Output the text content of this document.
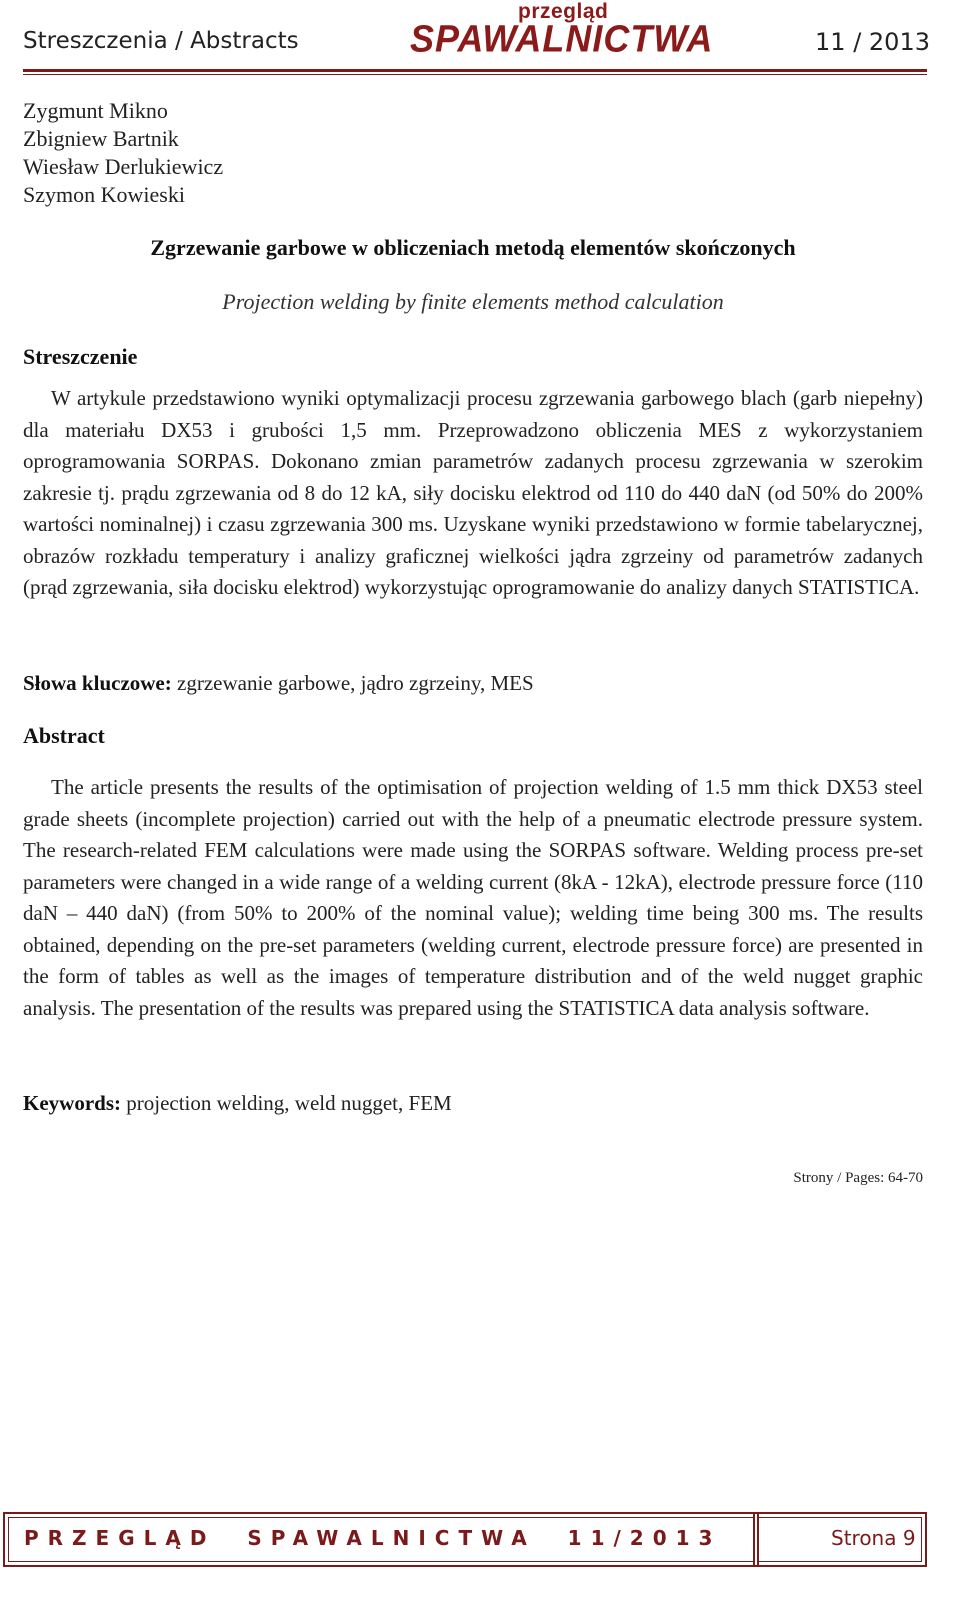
Streszczenia / Abstracts
przegląd
SPAWALNICTWA	11 / 2013
Zygmunt Mikno
Zbigniew Bartnik
Wiesław Derlukiewicz
Szymon Kowieski
Zgrzewanie garbowe w obliczeniach metodą elementów skończonych
Projection welding by finite elements method calculation
Streszczenie
W artykule przedstawiono wyniki optymalizacji procesu zgrzewania garbowego blach (garb niepełny) dla materiału DX53 i grubości 1,5 mm. Przeprowadzono obliczenia MES z wykorzystaniem oprogramowania SORPAS. Dokonano zmian parametrów zadanych procesu zgrzewania w szerokim zakresie tj. prądu zgrzewania od 8 do 12 kA, siły docisku elektrod od 110 do 440 daN (od 50% do 200% wartości nominalnej) i czasu zgrzewania 300 ms. Uzyskane wyniki przedstawiono w formie tabelarycznej, obrazów rozkładu temperatury i analizy graficznej wielkości jądra zgrzeiny od parametrów zadanych (prąd zgrzewania, siła docisku elektrod) wykorzystując oprogramowanie do analizy danych STATISTICA.
Słowa kluczowe: zgrzewanie garbowe, jądro zgrzeiny, MES
Abstract
The article presents the results of the optimisation of projection welding of 1.5 mm thick DX53 steel grade sheets (incomplete projection) carried out with the help of a pneumatic electrode pressure system. The research-related FEM calculations were made using the SORPAS software. Welding process pre-set parameters were changed in a wide range of a welding current (8kA - 12kA), electrode pressure force (110 daN – 440 daN) (from 50% to 200% of the nominal value); welding time being 300 ms. The results obtained, depending on the pre-set parameters (welding current, electrode pressure force) are presented in the form of tables as well as the images of temperature distribution and of the weld nugget graphic analysis. The presentation of the results was prepared using the STATISTICA data analysis software.
Keywords: projection welding, weld nugget, FEM
Strony / Pages: 64-70
PRZEGLĄD  SPAWALNICTWA  11/2013	Strona 9
